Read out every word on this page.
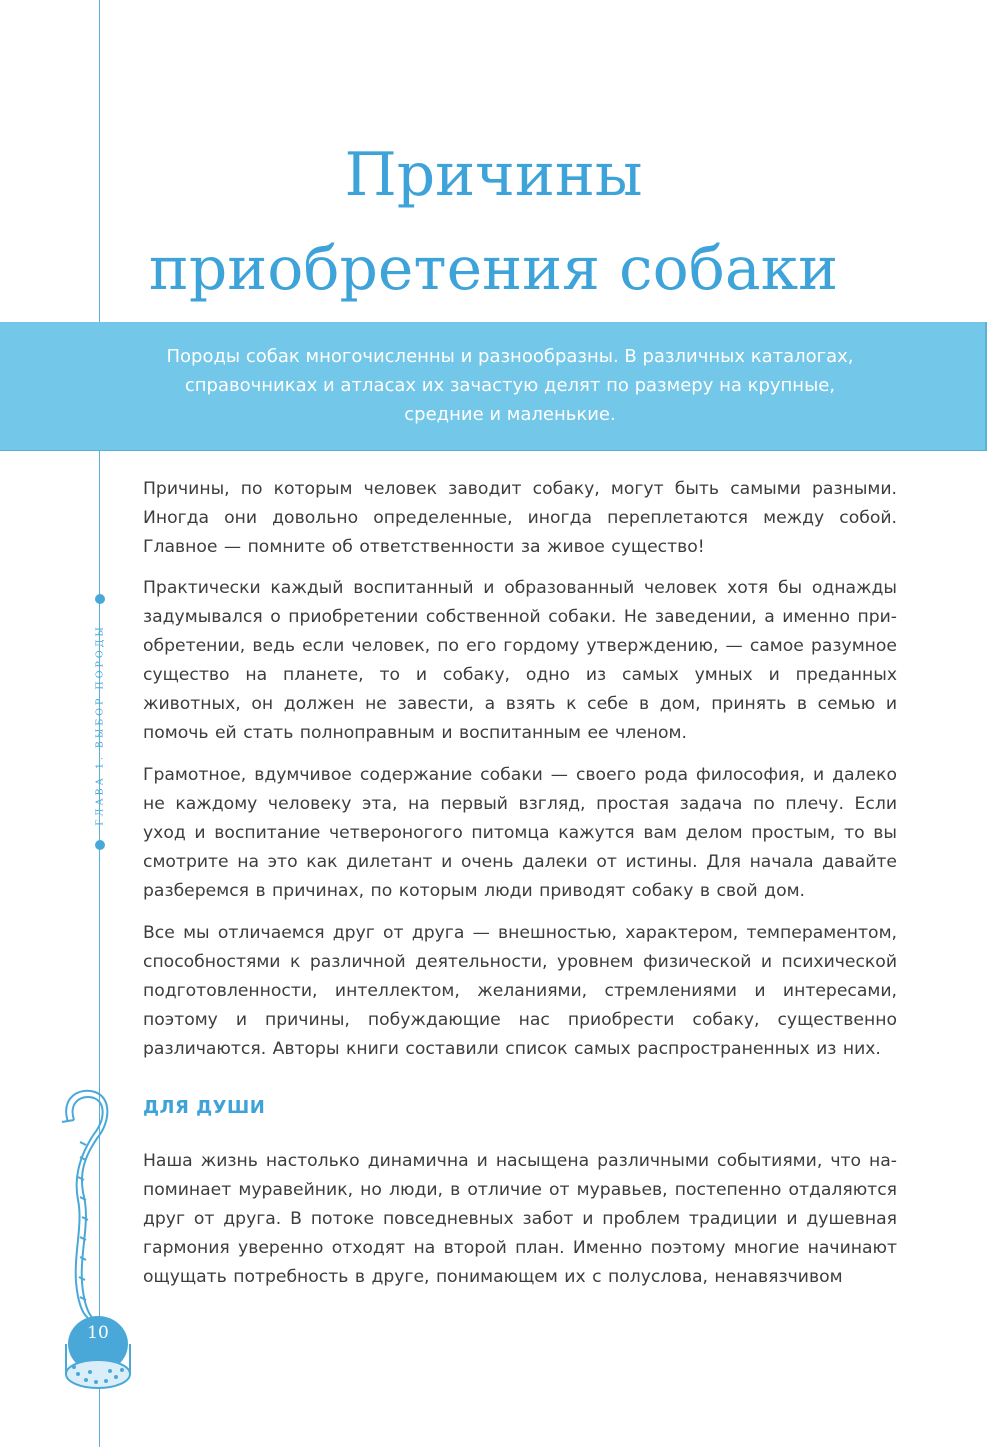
Причины
приобретения собаки
Породы собак многочисленны и разнообразны. В различных каталогах,
справочниках и атласах их зачастую делят по размеру на крупные,
средние и маленькие.

Причины, по которым человек заводит собаку, могут быть самыми разными. Иногда они довольно определенные, иногда переплетаются между собой. Главное — помните об ответственности за живое существо!

Практически каждый воспитанный и образованный человек хотя бы однажды задумывался о приобретении собственной собаки. Не заведении, а именно приобретении, ведь если человек, по его гордому утверждению, — самое разумное существо на планете, то и собаку, одно из самых умных и преданных животных, он должен не завести, а взять к себе в дом, принять в семью и помочь ей стать полноправным и воспитанным ее членом.

Грамотное, вдумчивое содержание собаки — своего рода философия, и далеко не каждому человеку эта, на первый взгляд, простая задача по плечу. Если уход и воспитание четвероногого питомца кажутся вам делом простым, то вы смотрите на это как дилетант и очень далеки от истины. Для начала давайте разберемся в причинах, по которым люди приводят собаку в свой дом.

Все мы отличаемся друг от друга — внешностью, характером, темпераментом, способностями к различной деятельности, уровнем физической и психической подготовленности, интеллектом, желаниями, стремлениями и интересами, поэтому и причины, побуждающие нас приобрести собаку, существенно различаются. Авторы книги составили список самых распространенных из них.

ДЛЯ ДУШИ

Наша жизнь настолько динамична и насыщена различными событиями, что напоминает муравейник, но люди, в отличие от муравьев, постепенно отдаляются друг от друга. В потоке повседневных забот и проблем традиции и душевная гармония уверенно отходят на второй план. Именно поэтому многие начинают ощущать потребность в друге, понимающем их с полуслова, ненавязчивом

ГЛАВА 1. ВЫБОР ПОРОДЫ
10
